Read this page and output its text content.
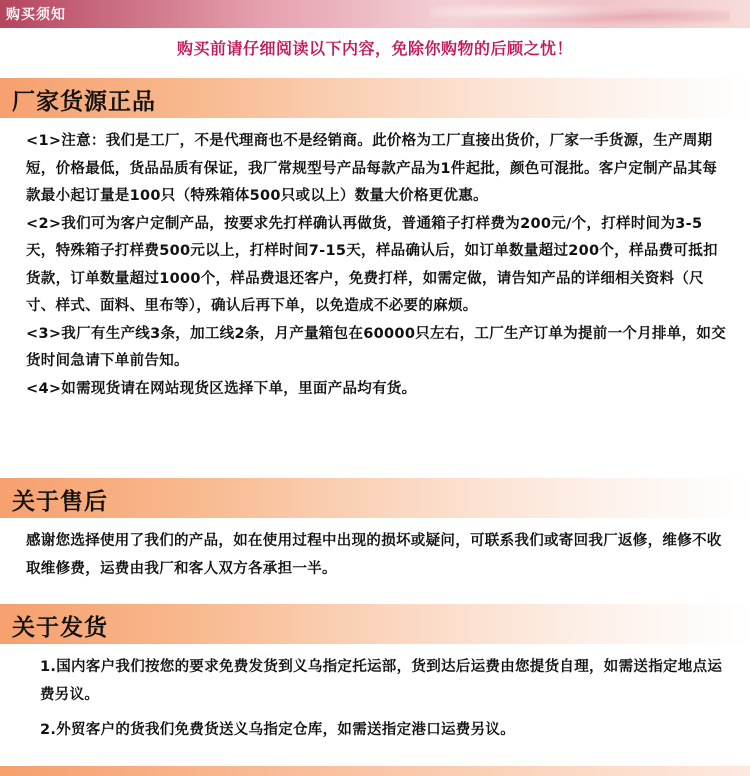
购买须知
购买前请仔细阅读以下内容，免除你购物的后顾之忧！
厂家货源正品
<1>注意：我们是工厂，不是代理商也不是经销商。此价格为工厂直接出货价，厂家一手货源，生产周期短，价格最低，货品品质有保证，我厂常规型号产品每款产品为1件起批，颜色可混批。客户定制产品其每款最小起订量是100只（特殊箱体500只或以上）数量大价格更优惠。
<2>我们可为客户定制产品，按要求先打样确认再做货，普通箱子打样费为200元/个，打样时间为3-5天，特殊箱子打样费500元以上，打样时间7-15天，样品确认后，如订单数量超过200个，样品费可抵扣货款，订单数量超过1000个，样品费退还客户，免费打样，如需定做，请告知产品的详细相关资料（尺寸、样式、面料、里布等），确认后再下单，以免造成不必要的麻烦。
<3>我厂有生产线3条，加工线2条，月产量箱包在60000只左右，工厂生产订单为提前一个月排单，如交货时间急请下单前告知。
<4>如需现货请在网站现货区选择下单，里面产品均有货。
关于售后
感谢您选择使用了我们的产品，如在使用过程中出现的损坏或疑问，可联系我们或寄回我厂返修，维修不收取维修费，运费由我厂和客人双方各承担一半。
关于发货
1.国内客户我们按您的要求免费发货到义乌指定托运部，货到达后运费由您提货自理，如需送指定地点运费另议。
2.外贸客户的货我们免费货送义乌指定仓库，如需送指定港口运费另议。
